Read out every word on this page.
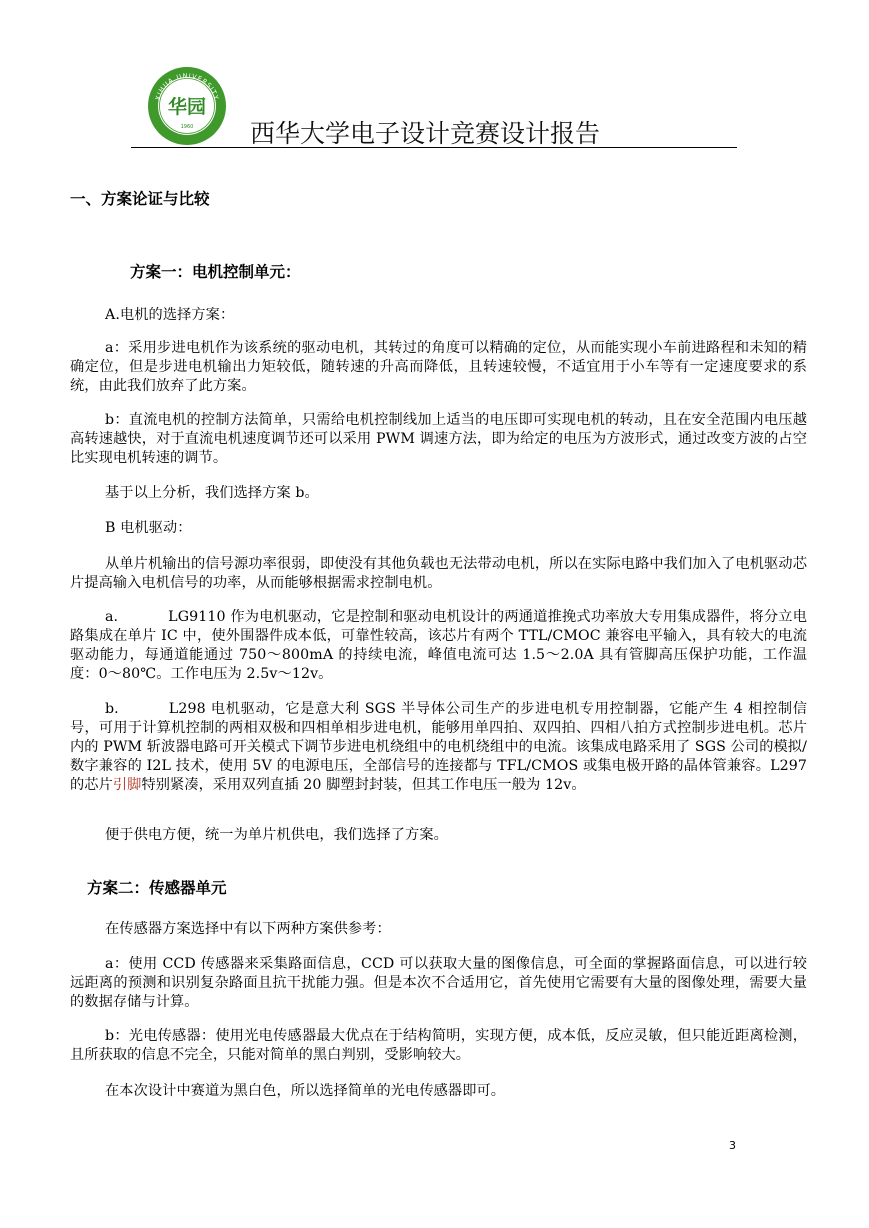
华园
1960
XIHUA UNIVERSITY
西华大学电子设计竞赛设计报告
一、方案论证与比较
方案一：电机控制单元：
A.电机的选择方案：
a：采用步进电机作为该系统的驱动电机，其转过的角度可以精确的定位，从而能实现小车前进路程和未知的精确定位，但是步进电机输出力矩较低，随转速的升高而降低，且转速较慢，不适宜用于小车等有一定速度要求的系统，由此我们放弃了此方案。
b：直流电机的控制方法简单，只需给电机控制线加上适当的电压即可实现电机的转动，且在安全范围内电压越高转速越快，对于直流电机速度调节还可以采用 PWM 调速方法，即为给定的电压为方波形式，通过改变方波的占空比实现电机转速的调节。
基于以上分析，我们选择方案 b。
B 电机驱动：
从单片机输出的信号源功率很弱，即使没有其他负载也无法带动电机，所以在实际电路中我们加入了电机驱动芯片提高输入电机信号的功率，从而能够根据需求控制电机。
a.	LG9110 作为电机驱动，它是控制和驱动电机设计的两通道推挽式功率放大专用集成器件，将分立电路集成在单片 IC 中，使外围器件成本低，可靠性较高，该芯片有两个 TTL/CMOC 兼容电平输入，具有较大的电流驱动能力，每通道能通过 750～800mA 的持续电流，峰值电流可达 1.5～2.0A 具有管脚高压保护功能，工作温度：0～80℃。工作电压为 2.5v～12v。
b.	L298 电机驱动，它是意大利 SGS 半导体公司生产的步进电机专用控制器，它能产生 4 相控制信号，可用于计算机控制的两相双极和四相单相步进电机，能够用单四拍、双四拍、四相八拍方式控制步进电机。芯片内的 PWM 斩波器电路可开关模式下调节步进电机绕组中的电机绕组中的电流。该集成电路采用了 SGS 公司的模拟/数字兼容的 I2L 技术，使用 5V 的电源电压，全部信号的连接都与 TFL/CMOS 或集电极开路的晶体管兼容。L297 的芯片引脚特别紧凑，采用双列直插 20 脚塑封封装，但其工作电压一般为 12v。
便于供电方便，统一为单片机供电，我们选择了方案。
方案二：传感器单元
在传感器方案选择中有以下两种方案供参考：
a：使用 CCD 传感器来采集路面信息，CCD 可以获取大量的图像信息，可全面的掌握路面信息，可以进行较远距离的预测和识别复杂路面且抗干扰能力强。但是本次不合适用它，首先使用它需要有大量的图像处理，需要大量的数据存储与计算。
b：光电传感器：使用光电传感器最大优点在于结构简明，实现方便，成本低，反应灵敏，但只能近距离检测，且所获取的信息不完全，只能对简单的黑白判别，受影响较大。
在本次设计中赛道为黑白色，所以选择简单的光电传感器即可。
3
